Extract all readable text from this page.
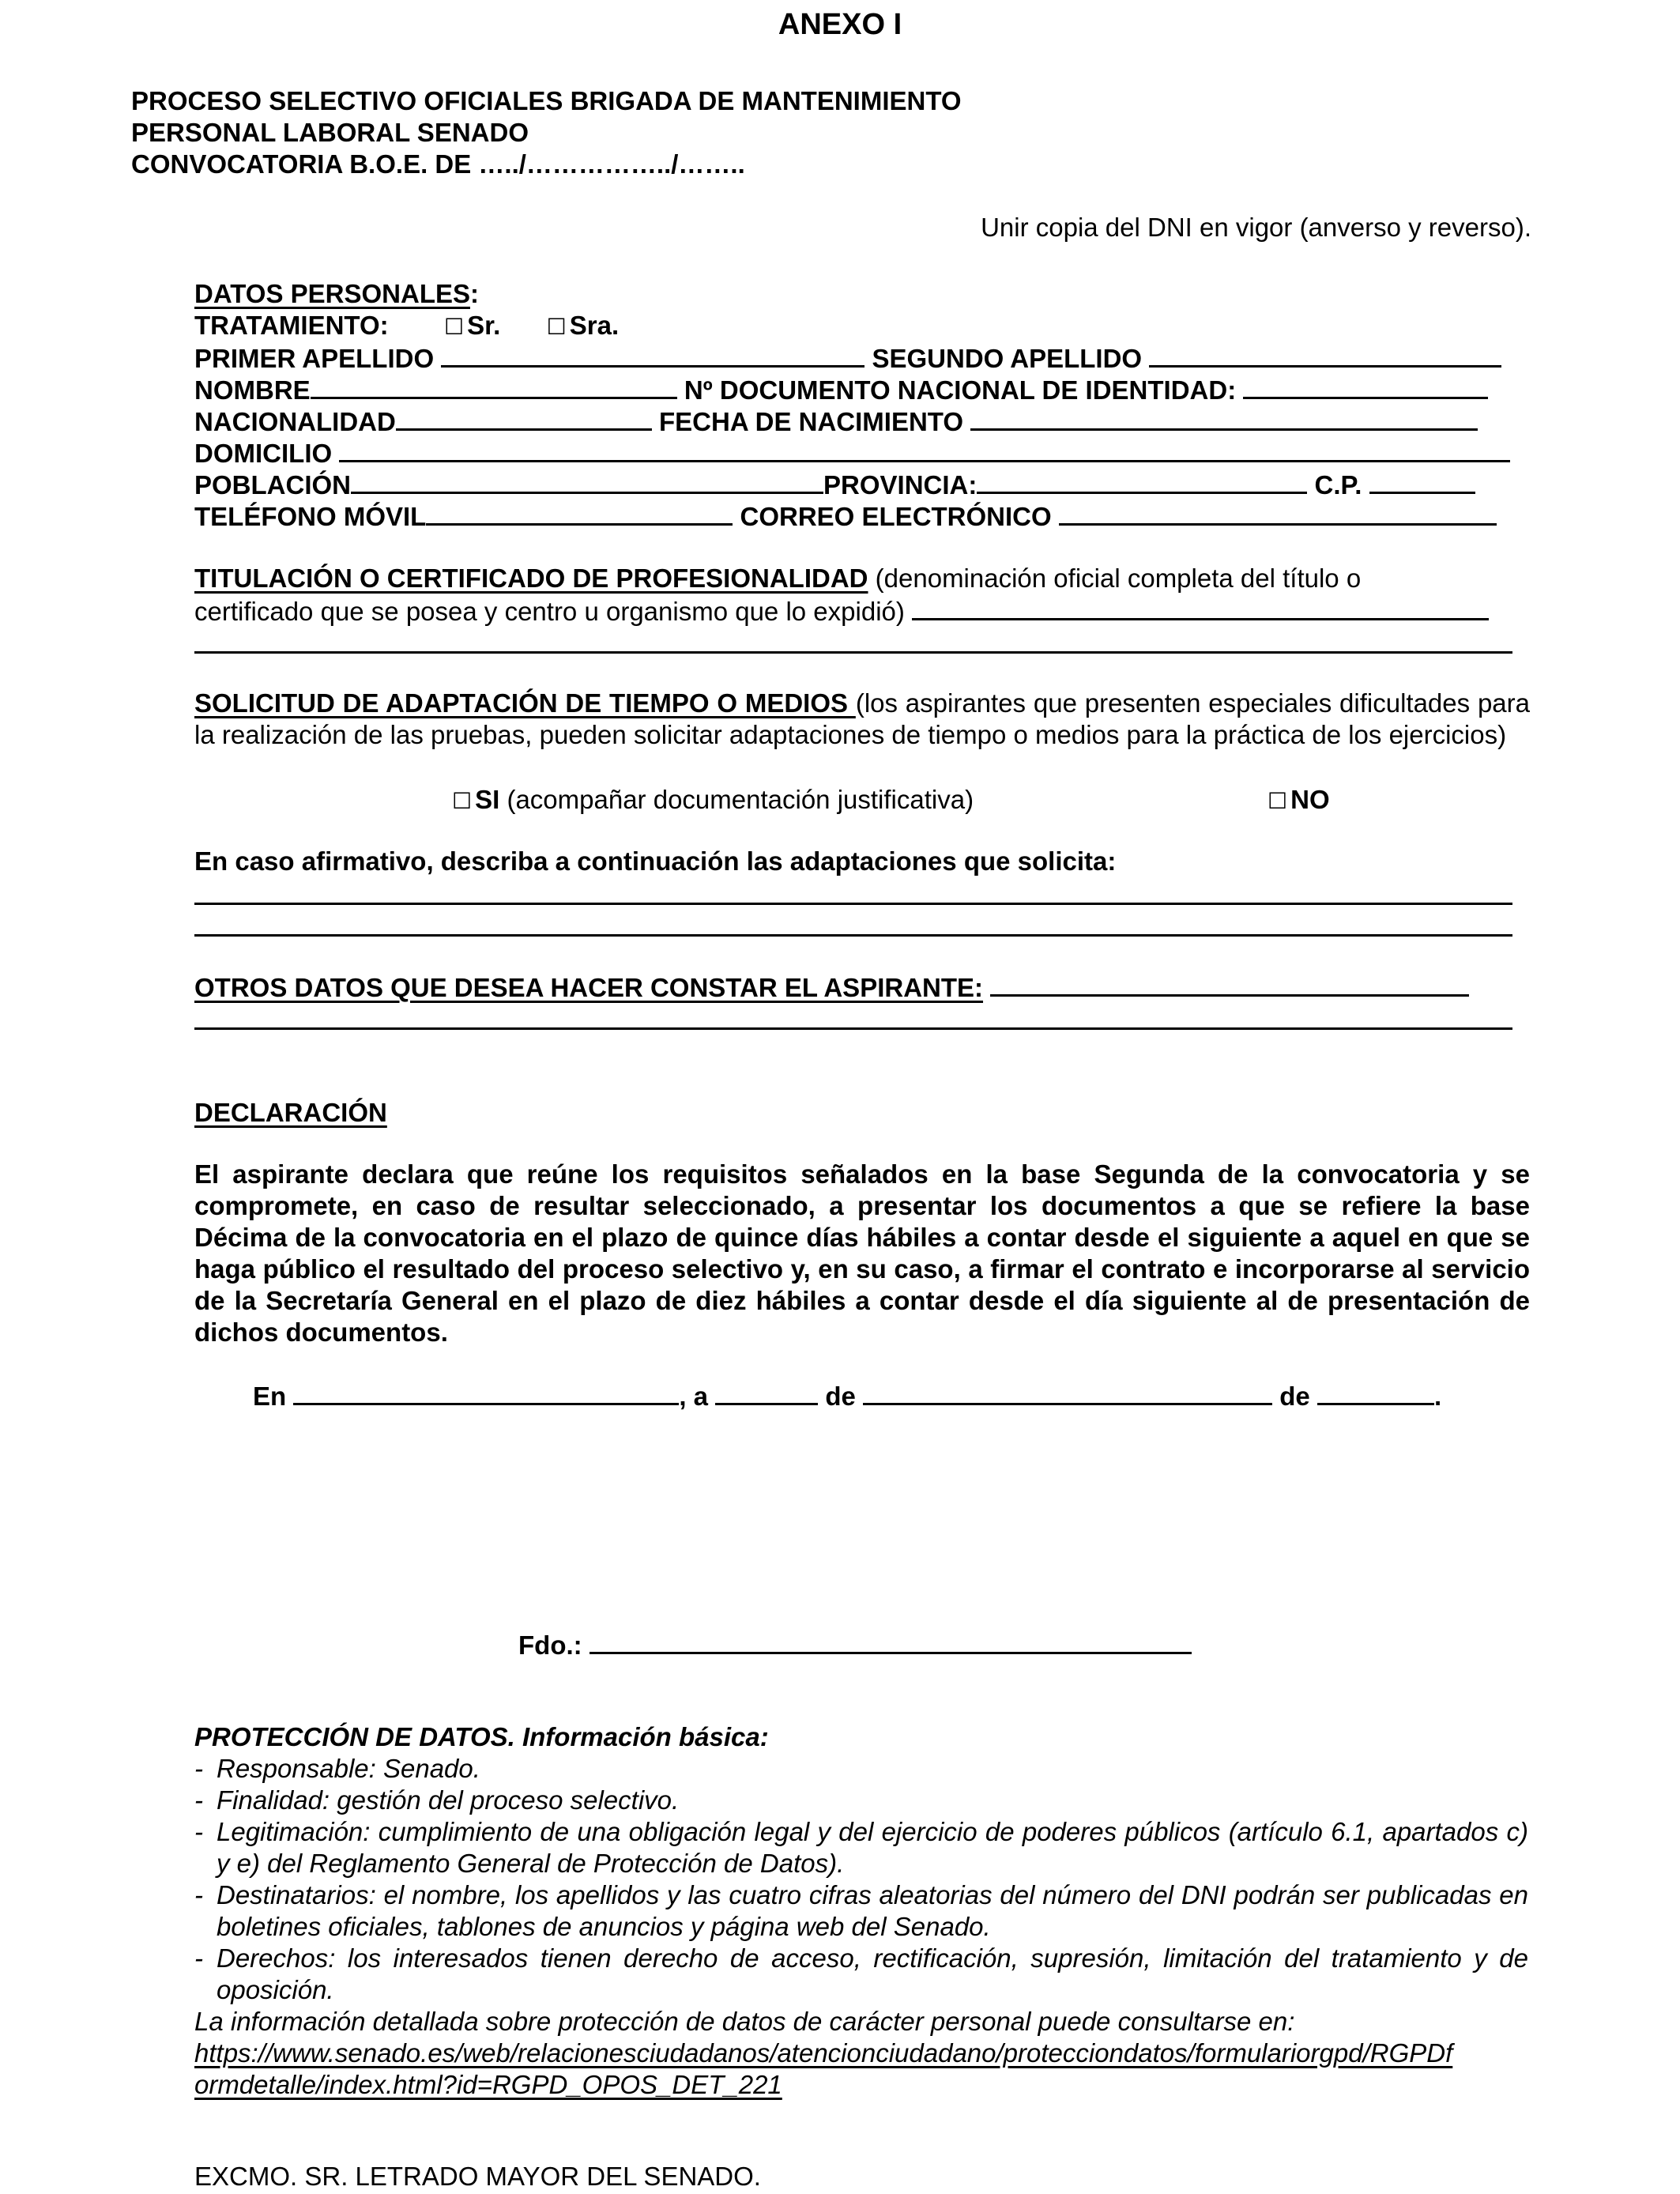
ANEXO I
PROCESO SELECTIVO OFICIALES BRIGADA DE MANTENIMIENTO
PERSONAL LABORAL SENADO
CONVOCATORIA B.O.E. DE …../……………../……..
Unir copia del DNI en vigor (anverso y reverso).
DATOS PERSONALES:
TRATAMIENTO:	☐ Sr. ☐ Sra.
PRIMER APELLIDO	SEGUNDO APELLIDO
NOMBRE	Nº DOCUMENTO NACIONAL DE IDENTIDAD:
NACIONALIDAD	FECHA DE NACIMIENTO
DOMICILIO
POBLACIÓN	PROVINCIA:	C.P.
TELÉFONO MÓVIL	CORREO ELECTRÓNICO
TITULACIÓN O CERTIFICADO DE PROFESIONALIDAD (denominación oficial completa del título o
certificado que se posea y centro u organismo que lo expidió)
SOLICITUD DE ADAPTACIÓN DE TIEMPO O MEDIOS (los aspirantes que presenten especiales dificultades para la realización de las pruebas, pueden solicitar adaptaciones de tiempo o medios para la práctica de los ejercicios)
☐ SI (acompañar documentación justificativa)	☐ NO
En caso afirmativo, describa a continuación las adaptaciones que solicita:
OTROS DATOS QUE DESEA HACER CONSTAR EL ASPIRANTE:
DECLARACIÓN
El aspirante declara que reúne los requisitos señalados en la base Segunda de la convocatoria y se compromete, en caso de resultar seleccionado, a presentar los documentos a que se refiere la base Décima de la convocatoria en el plazo de quince días hábiles a contar desde el siguiente a aquel en que se haga público el resultado del proceso selectivo y, en su caso, a firmar el contrato e incorporarse al servicio de la Secretaría General en el plazo de diez hábiles a contar desde el día siguiente al de presentación de dichos documentos.
En	, a	de	de	.
Fdo.:
PROTECCIÓN DE DATOS. Información básica:
- Responsable: Senado.
- Finalidad: gestión del proceso selectivo.
- Legitimación: cumplimiento de una obligación legal y del ejercicio de poderes públicos (artículo 6.1, apartados c) y e) del Reglamento General de Protección de Datos).
- Destinatarios: el nombre, los apellidos y las cuatro cifras aleatorias del número del DNI podrán ser publicadas en boletines oficiales, tablones de anuncios y página web del Senado.
- Derechos: los interesados tienen derecho de acceso, rectificación, supresión, limitación del tratamiento y de oposición.
La información detallada sobre protección de datos de carácter personal puede consultarse en:
https://www.senado.es/web/relacionesciudadanos/atencionciudadano/protecciondatos/formulariorgpd/RGPDf
ormdetalle/index.html?id=RGPD_OPOS_DET_221
EXCMO. SR. LETRADO MAYOR DEL SENADO.
